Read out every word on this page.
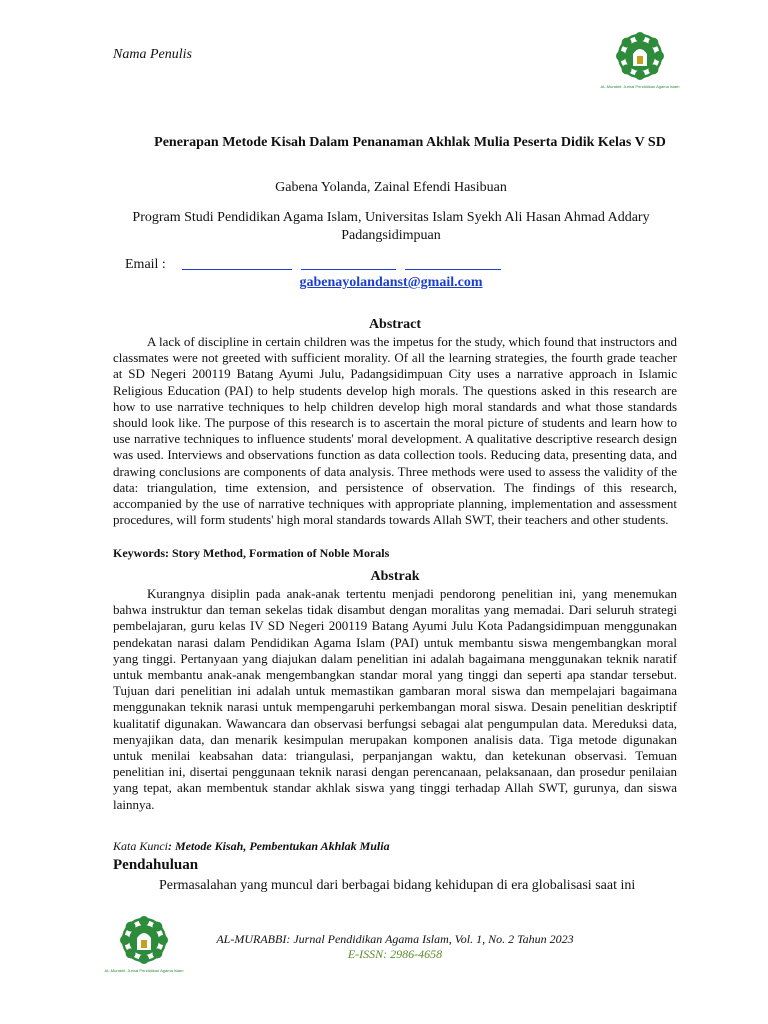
Nama Penulis
AL-Murabbi: Jurnal Pendidikan Agama Islam
Penerapan Metode Kisah Dalam Penanaman Akhlak Mulia Peserta Didik Kelas V SD
Gabena Yolanda, Zainal Efendi Hasibuan
Program Studi Pendidikan Agama Islam, Universitas Islam Syekh Ali Hasan Ahmad Addary Padangsidimpuan
Email :
gabenayolandanst@gmail.com
Abstract

A lack of discipline in certain children was the impetus for the study, which found that instructors and classmates were not greeted with sufficient morality. Of all the learning strategies, the fourth grade teacher at SD Negeri 200119 Batang Ayumi Julu, Padangsidimpuan City uses a narrative approach in Islamic Religious Education (PAI) to help students develop high morals. The questions asked in this research are how to use narrative techniques to help children develop high moral standards and what those standards should look like. The purpose of this research is to ascertain the moral picture of students and learn how to use narrative techniques to influence students' moral development. A qualitative descriptive research design was used. Interviews and observations function as data collection tools. Reducing data, presenting data, and drawing conclusions are components of data analysis. Three methods were used to assess the validity of the data: triangulation, time extension, and persistence of observation. The findings of this research, accompanied by the use of narrative techniques with appropriate planning, implementation and assessment procedures, will form students' high moral standards towards Allah SWT, their teachers and other students.

Keywords: Story Method, Formation of Noble Morals
Abstrak

Kurangnya disiplin pada anak-anak tertentu menjadi pendorong penelitian ini, yang menemukan bahwa instruktur dan teman sekelas tidak disambut dengan moralitas yang memadai. Dari seluruh strategi pembelajaran, guru kelas IV SD Negeri 200119 Batang Ayumi Julu Kota Padangsidimpuan menggunakan pendekatan narasi dalam Pendidikan Agama Islam (PAI) untuk membantu siswa mengembangkan moral yang tinggi. Pertanyaan yang diajukan dalam penelitian ini adalah bagaimana menggunakan teknik naratif untuk membantu anak-anak mengembangkan standar moral yang tinggi dan seperti apa standar tersebut. Tujuan dari penelitian ini adalah untuk memastikan gambaran moral siswa dan mempelajari bagaimana menggunakan teknik narasi untuk mempengaruhi perkembangan moral siswa. Desain penelitian deskriptif kualitatif digunakan. Wawancara dan observasi berfungsi sebagai alat pengumpulan data. Mereduksi data, menyajikan data, dan menarik kesimpulan merupakan komponen analisis data. Tiga metode digunakan untuk menilai keabsahan data: triangulasi, perpanjangan waktu, dan ketekunan observasi. Temuan penelitian ini, disertai penggunaan teknik narasi dengan perencanaan, pelaksanaan, dan prosedur penilaian yang tepat, akan membentuk standar akhlak siswa yang tinggi terhadap Allah SWT, gurunya, dan siswa lainnya.

Kata Kunci: Metode Kisah, Pembentukan Akhlak Mulia
Pendahuluan

Permasalahan yang muncul dari berbagai bidang kehidupan di era globalisasi saat ini

AL-Murabbi: Jurnal Pendidikan Agama Islam
AL-MURABBI: Jurnal Pendidikan Agama Islam, Vol. 1, No. 2 Tahun 2023
E-ISSN: 2986-4658
